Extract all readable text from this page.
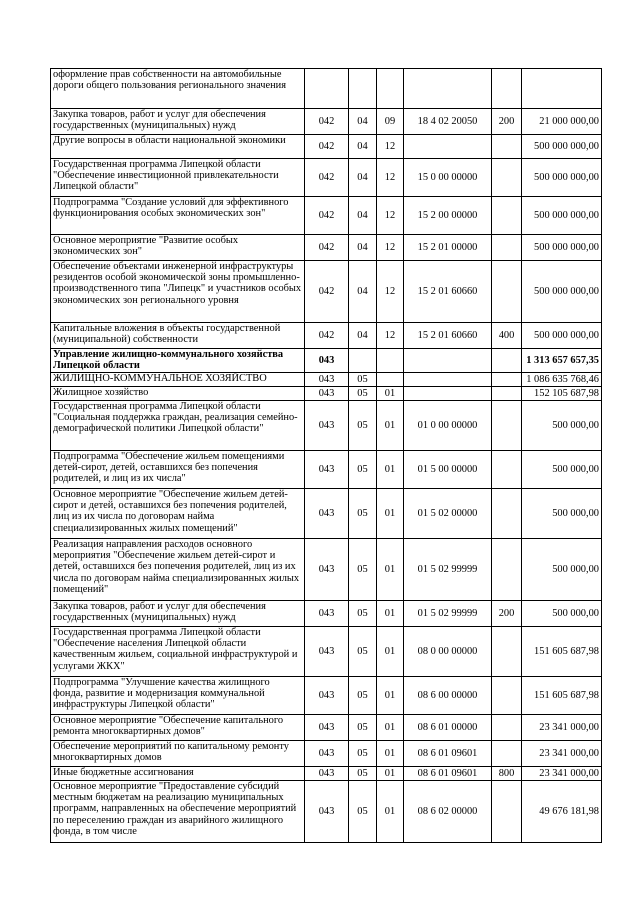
оформление прав собственности на автомобильные дороги общего пользования регионального значения						
Закупка товаров, работ и услуг для обеспечения государственных (муниципальных) нужд	042	04	09	18 4 02 20050	200	21 000 000,00
Другие вопросы в области национальной экономики	042	04	12			500 000 000,00
Государственная программа Липецкой области "Обеспечение инвестиционной привлекательности Липецкой области"	042	04	12	15 0 00 00000		500 000 000,00
Подпрограмма "Создание условий для эффективного функционирования особых экономических зон"	042	04	12	15 2 00 00000		500 000 000,00
Основное мероприятие "Развитие особых экономических зон"	042	04	12	15 2 01 00000		500 000 000,00
Обеспечение объектами инженерной инфраструктуры резидентов особой экономической зоны промышленно-производственного типа "Липецк" и участников особых экономических зон регионального уровня	042	04	12	15 2 01 60660		500 000 000,00
Капитальные вложения в объекты государственной (муниципальной) собственности	042	04	12	15 2 01 60660	400	500 000 000,00
Управление жилищно-коммунального хозяйства Липецкой области	043					1 313 657 657,35
ЖИЛИЩНО-КОММУНАЛЬНОЕ ХОЗЯЙСТВО	043	05				1 086 635 768,46
Жилищное хозяйство	043	05	01			152 105 687,98
Государственная программа Липецкой области "Социальная поддержка граждан, реализация семейно-демографической политики Липецкой области"	043	05	01	01 0 00 00000		500 000,00
Подпрограмма "Обеспечение жильем помещениями детей-сирот, детей, оставшихся без попечения родителей, и лиц из их числа"	043	05	01	01 5 00 00000		500 000,00
Основное мероприятие "Обеспечение жильем детей-сирот и детей, оставшихся без попечения родителей, лиц из их числа по договорам найма специализированных жилых помещений"	043	05	01	01 5 02 00000		500 000,00
Реализация направления расходов основного мероприятия "Обеспечение жильем детей-сирот и детей, оставшихся без попечения родителей, лиц из их числа по договорам найма специализированных жилых помещений"	043	05	01	01 5 02 99999		500 000,00
Закупка товаров, работ и услуг для обеспечения государственных (муниципальных) нужд	043	05	01	01 5 02 99999	200	500 000,00
Государственная программа Липецкой области "Обеспечение населения Липецкой области качественным жильем, социальной инфраструктурой и услугами ЖКХ"	043	05	01	08 0 00 00000		151 605 687,98
Подпрограмма "Улучшение качества жилищного фонда, развитие и модернизация коммунальной инфраструктуры Липецкой области"	043	05	01	08 6 00 00000		151 605 687,98
Основное мероприятие "Обеспечение капитального ремонта многоквартирных домов"	043	05	01	08 6 01 00000		23 341 000,00
Обеспечение мероприятий по капитальному ремонту многоквартирных домов	043	05	01	08 6 01 09601		23 341 000,00
Иные бюджетные ассигнования	043	05	01	08 6 01 09601	800	23 341 000,00
Основное мероприятие "Предоставление субсидий местным бюджетам на реализацию муниципальных программ, направленных на обеспечение мероприятий по переселению граждан из аварийного жилищного фонда, в том числе	043	05	01	08 6 02 00000		49 676 181,98
